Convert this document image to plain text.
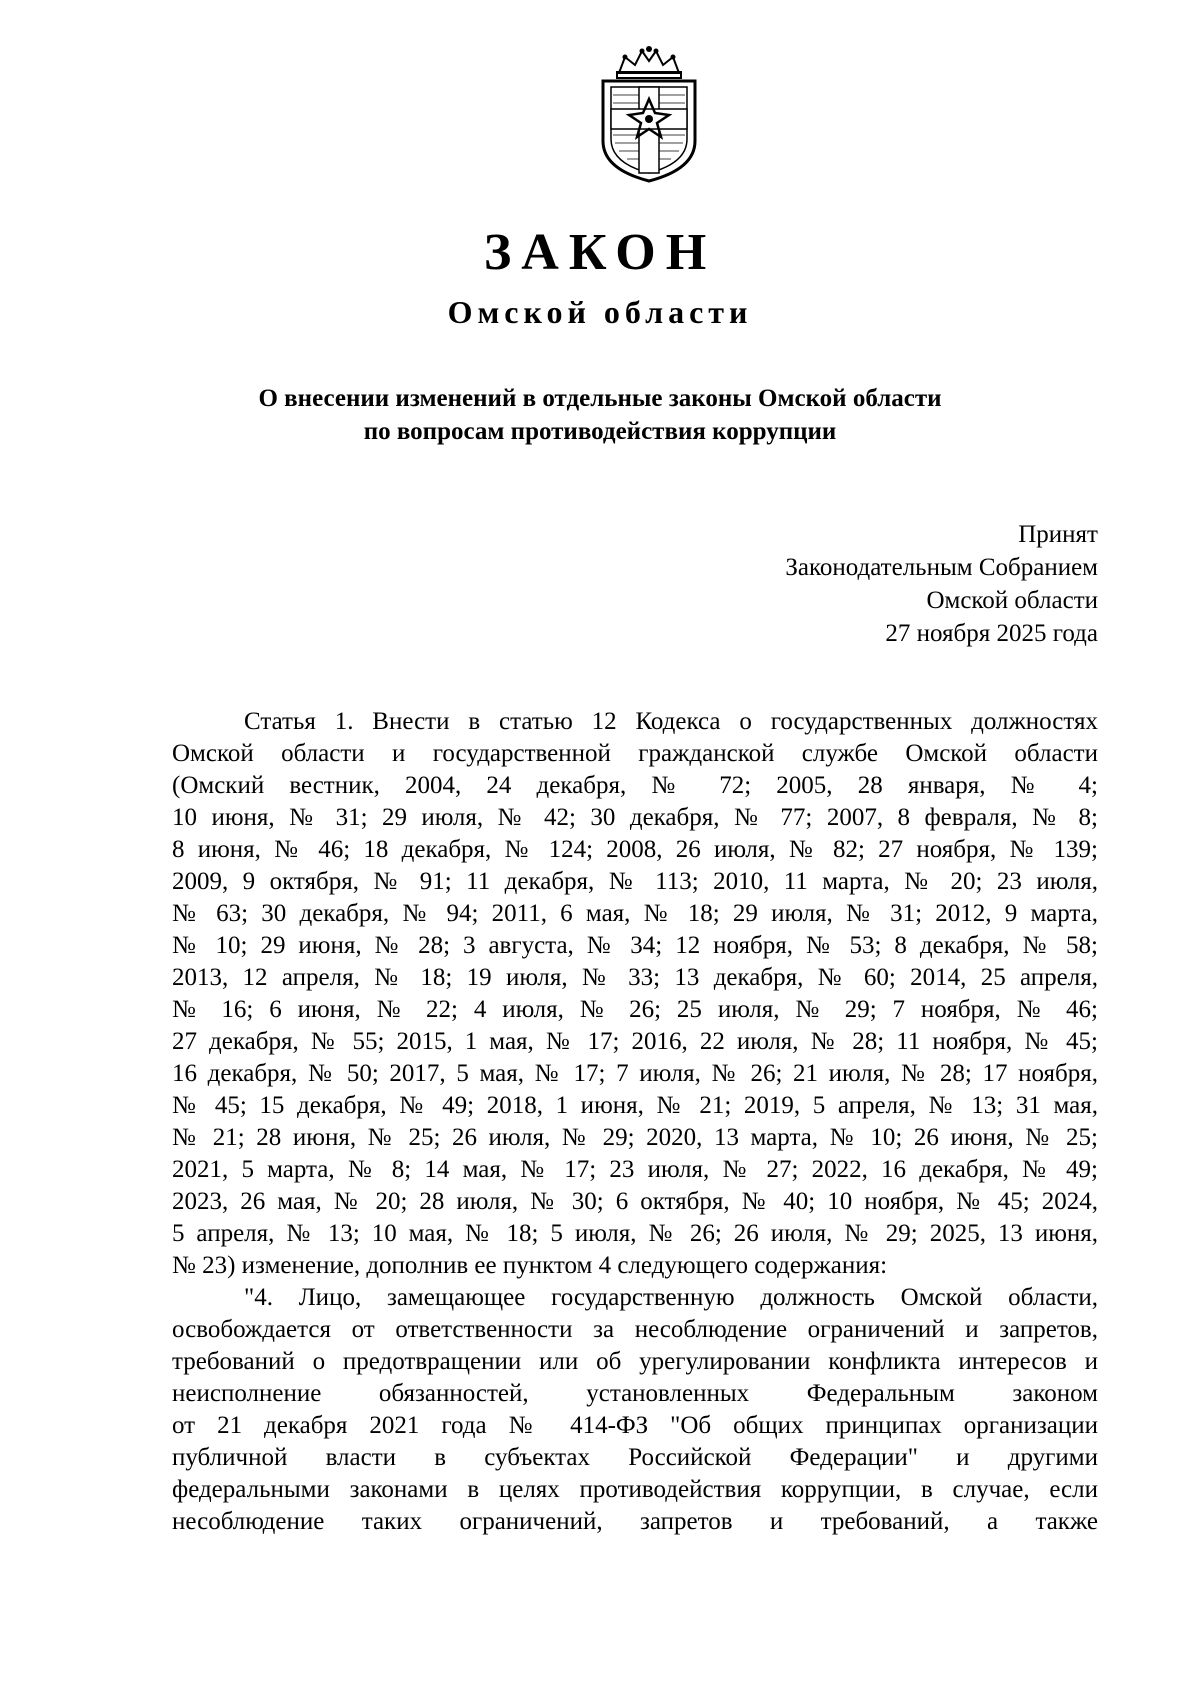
ЗАКОН
Омской области
О внесении изменений в отдельные законы Омской области
по вопросам противодействия коррупции
Принят
Законодательным Собранием
Омской области
27 ноября 2025 года
Статья 1. Внести в статью 12 Кодекса о государственных должностях
Омской области и государственной гражданской службе Омской области
(Омский вестник, 2004, 24 декабря, № 72; 2005, 28 января, № 4;
10 июня, № 31; 29 июля, № 42; 30 декабря, № 77; 2007, 8 февраля, № 8;
8 июня, № 46; 18 декабря, № 124; 2008, 26 июля, № 82; 27 ноября, № 139;
2009, 9 октября, № 91; 11 декабря, № 113; 2010, 11 марта, № 20; 23 июля,
№ 63; 30 декабря, № 94; 2011, 6 мая, № 18; 29 июля, № 31; 2012, 9 марта,
№ 10; 29 июня, № 28; 3 августа, № 34; 12 ноября, № 53; 8 декабря, № 58;
2013, 12 апреля, № 18; 19 июля, № 33; 13 декабря, № 60; 2014, 25 апреля,
№ 16; 6 июня, № 22; 4 июля, № 26; 25 июля, № 29; 7 ноября, № 46;
27 декабря, № 55; 2015, 1 мая, № 17; 2016, 22 июля, № 28; 11 ноября, № 45;
16 декабря, № 50; 2017, 5 мая, № 17; 7 июля, № 26; 21 июля, № 28; 17 ноября,
№ 45; 15 декабря, № 49; 2018, 1 июня, № 21; 2019, 5 апреля, № 13; 31 мая,
№ 21; 28 июня, № 25; 26 июля, № 29; 2020, 13 марта, № 10; 26 июня, № 25;
2021, 5 марта, № 8; 14 мая, № 17; 23 июля, № 27; 2022, 16 декабря, № 49;
2023, 26 мая, № 20; 28 июля, № 30; 6 октября, № 40; 10 ноября, № 45; 2024,
5 апреля, № 13; 10 мая, № 18; 5 июля, № 26; 26 июля, № 29; 2025, 13 июня,
№ 23) изменение, дополнив ее пунктом 4 следующего содержания:
"4. Лицо, замещающее государственную должность Омской области,
освобождается от ответственности за несоблюдение ограничений и запретов,
требований о предотвращении или об урегулировании конфликта интересов и
неисполнение обязанностей, установленных Федеральным законом
от 21 декабря 2021 года № 414-ФЗ "Об общих принципах организации
публичной власти в субъектах Российской Федерации" и другими
федеральными законами в целях противодействия коррупции, в случае, если
несоблюдение таких ограничений, запретов и требований, а также
